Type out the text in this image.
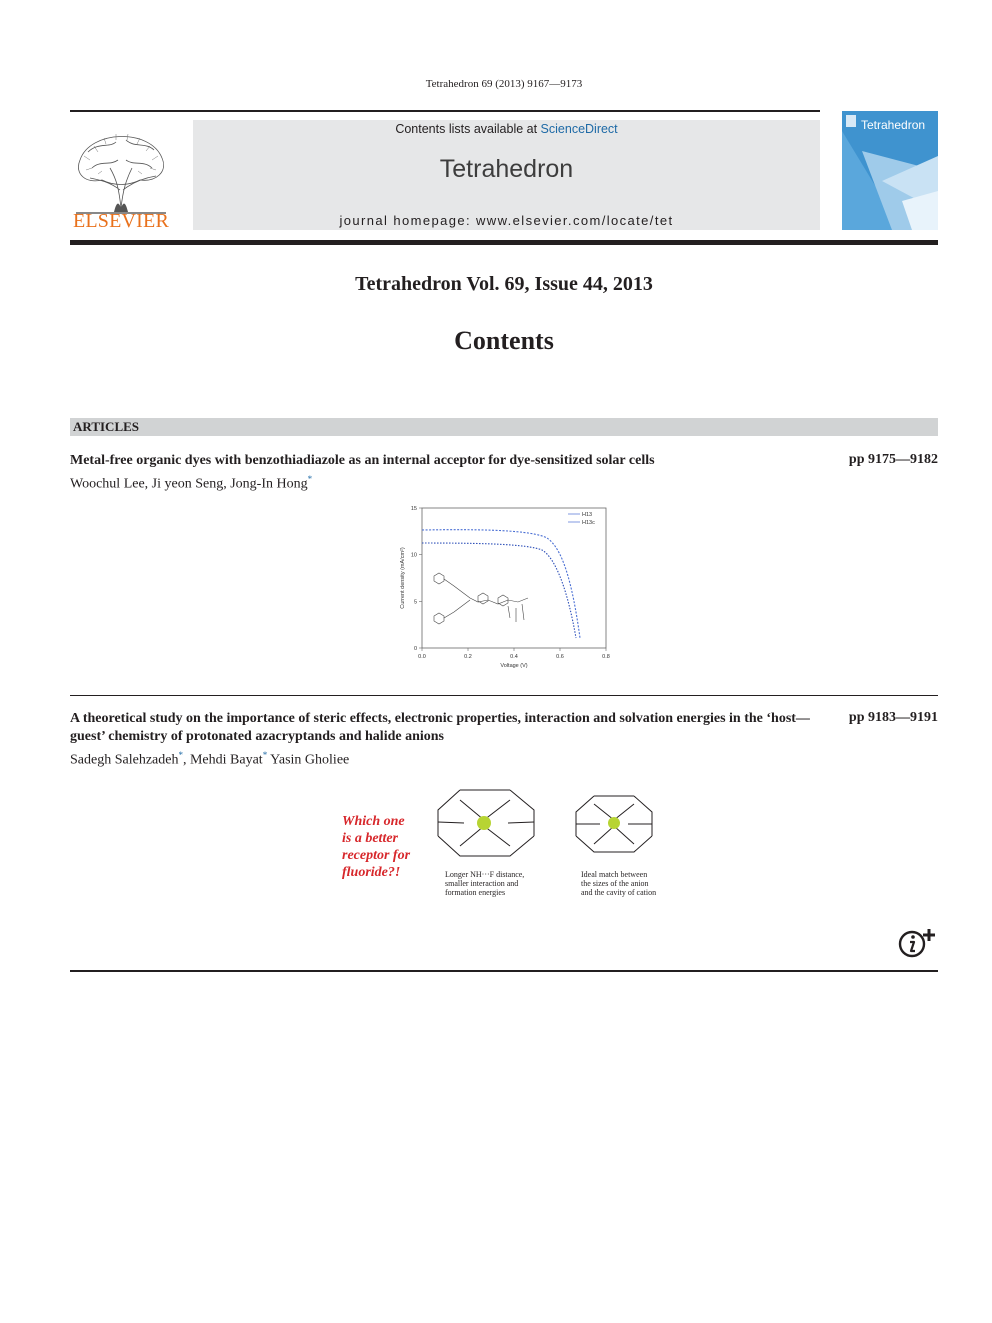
Tetrahedron 69 (2013) 9167—9173
ELSEVIER
Contents lists available at ScienceDirect
Tetrahedron
journal homepage: www.elsevier.com/locate/tet
Tetrahedron
Tetrahedron Vol. 69, Issue 44, 2013
Contents
ARTICLES
Metal-free organic dyes with benzothiadiazole as an internal acceptor for dye-sensitized solar cells	pp 9175—9182
Woochul Lee, Ji yeon Seng, Jong-In Hong*
15
10
5
0
0.0	0.2	0.4	0.6	0.8
Voltage (V)
Current density (mA/cm²)
H13
H13c
A theoretical study on the importance of steric effects, electronic properties, interaction and solvation energies in the ‘host—guest’ chemistry of protonated azacryptands and halide anions
pp 9183—9191
Sadegh Salehzadeh*, Mehdi Bayat* Yasin Gholiee
Which one
is a better
receptor for
fluoride?!	Longer NH···F distance,
smaller interaction and
formation energies
Ideal match between
the sizes of the anion
and the cavity of cation
